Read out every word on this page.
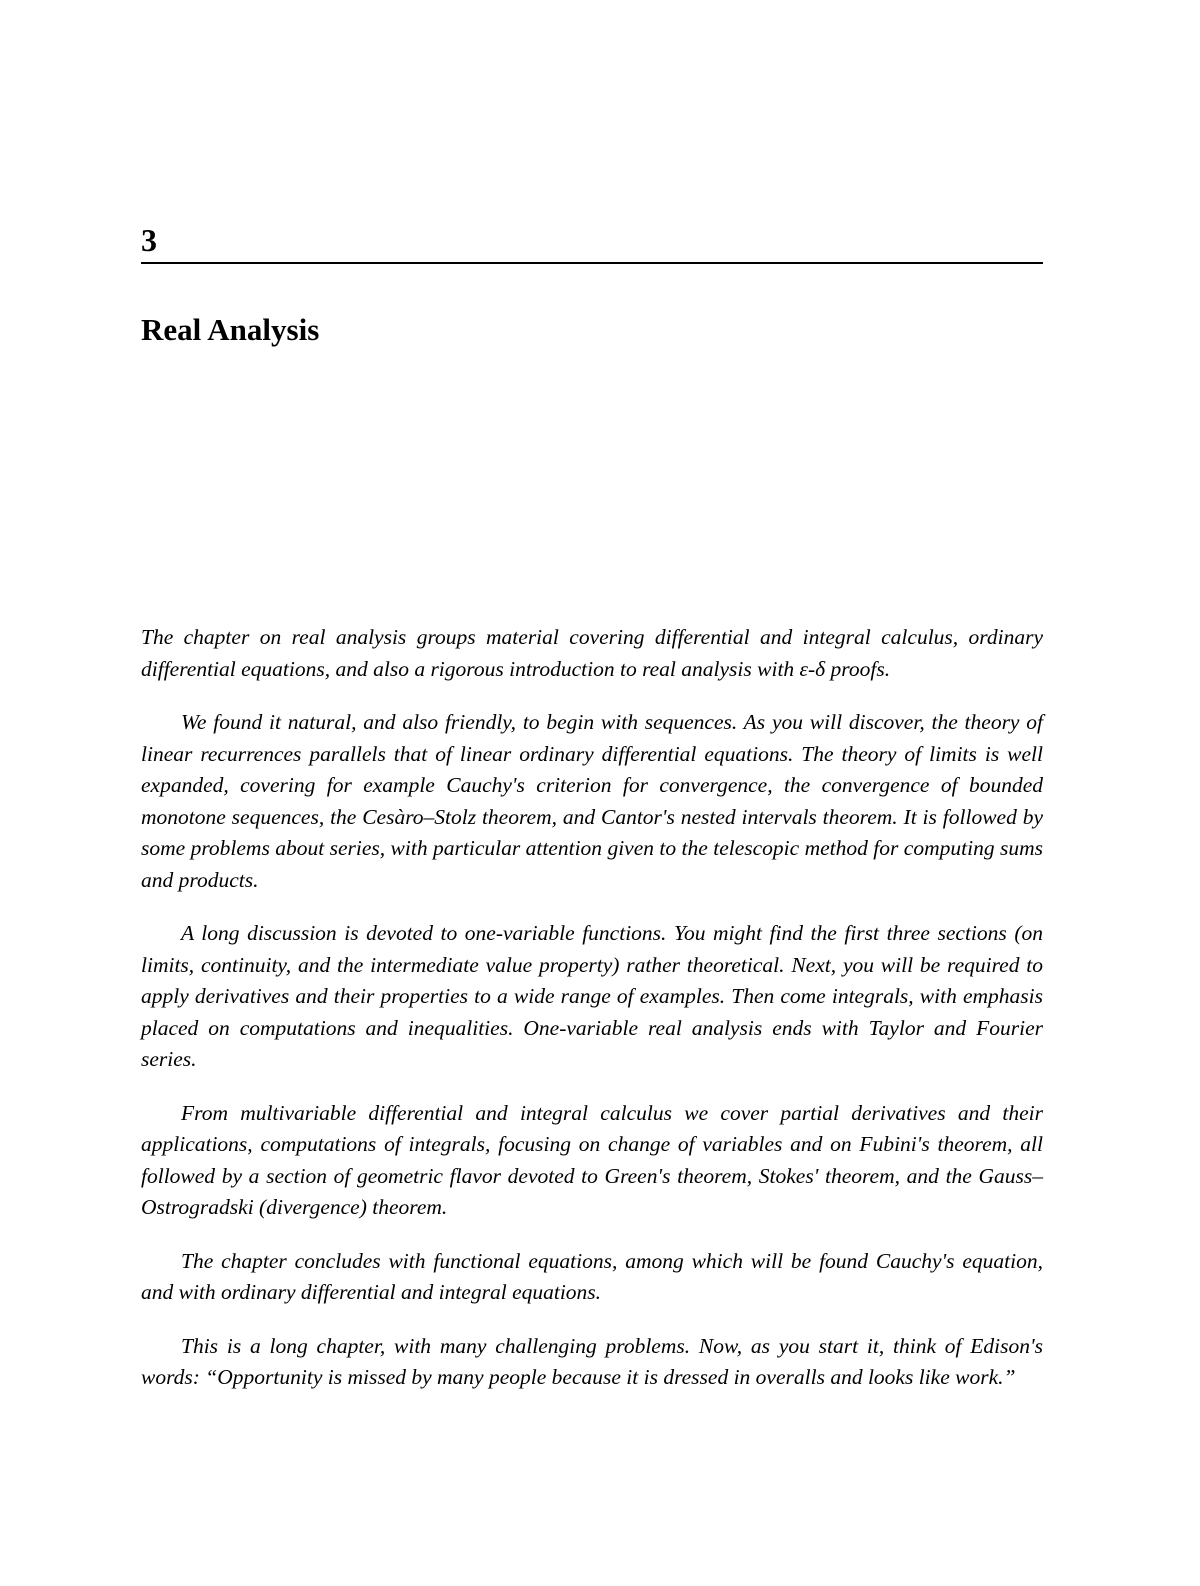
3
Real Analysis

The chapter on real analysis groups material covering differential and integral calculus, ordinary differential equations, and also a rigorous introduction to real analysis with ε-δ proofs.

We found it natural, and also friendly, to begin with sequences. As you will discover, the theory of linear recurrences parallels that of linear ordinary differential equations. The theory of limits is well expanded, covering for example Cauchy's criterion for convergence, the convergence of bounded monotone sequences, the Cesàro–Stolz theorem, and Cantor's nested intervals theorem. It is followed by some problems about series, with particular attention given to the telescopic method for computing sums and products.

A long discussion is devoted to one-variable functions. You might find the first three sections (on limits, continuity, and the intermediate value property) rather theoretical. Next, you will be required to apply derivatives and their properties to a wide range of examples. Then come integrals, with emphasis placed on computations and inequalities. One-variable real analysis ends with Taylor and Fourier series.

From multivariable differential and integral calculus we cover partial derivatives and their applications, computations of integrals, focusing on change of variables and on Fubini's theorem, all followed by a section of geometric flavor devoted to Green's theorem, Stokes' theorem, and the Gauss–Ostrogradski (divergence) theorem.

The chapter concludes with functional equations, among which will be found Cauchy's equation, and with ordinary differential and integral equations.

This is a long chapter, with many challenging problems. Now, as you start it, think of Edison's words: “Opportunity is missed by many people because it is dressed in overalls and looks like work.”
